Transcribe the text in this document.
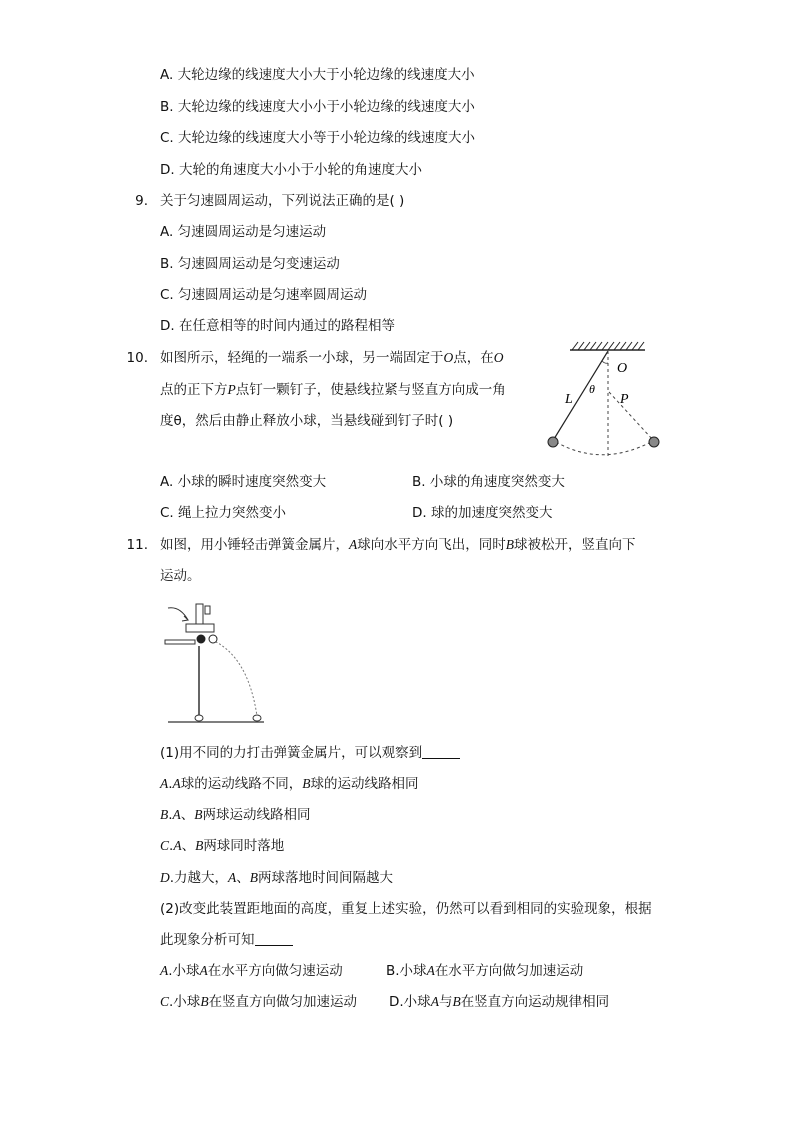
A. 大轮边缘的线速度大小大于小轮边缘的线速度大小
B. 大轮边缘的线速度大小小于小轮边缘的线速度大小
C. 大轮边缘的线速度大小等于小轮边缘的线速度大小
D. 大轮的角速度大小小于小轮的角速度大小
9. 关于匀速圆周运动，下列说法正确的是( )
A. 匀速圆周运动是匀速运动
B. 匀速圆周运动是匀变速运动
C. 匀速圆周运动是匀速率圆周运动
D. 在任意相等的时间内通过的路程相等
10. 如图所示，轻绳的一端系一小球，另一端固定于O点，在O
点的正下方P点钉一颗钉子，使悬线拉紧与竖直方向成一角
度θ，然后由静止释放小球，当悬线碰到钉子时( )
O
L
θ
P
A. 小球的瞬时速度突然变大	B. 小球的角速度突然变大
C. 绳上拉力突然变小	D. 球的加速度突然变大
11. 如图，用小锤轻击弹簧金属片，A球向水平方向飞出，同时B球被松开，竖直向下
运动。
(1)用不同的力打击弹簧金属片，可以观察到
A.A球的运动线路不同，B球的运动线路相同
B.A、B两球运动线路相同
C.A、B两球同时落地
D.力越大，A、B两球落地时间间隔越大
(2)改变此装置距地面的高度，重复上述实验，仍然可以看到相同的实验现象，根据
此现象分析可知
A.小球A在水平方向做匀速运动	B.小球A在水平方向做匀加速运动
C.小球B在竖直方向做匀加速运动 D.小球A与B在竖直方向运动规律相同
